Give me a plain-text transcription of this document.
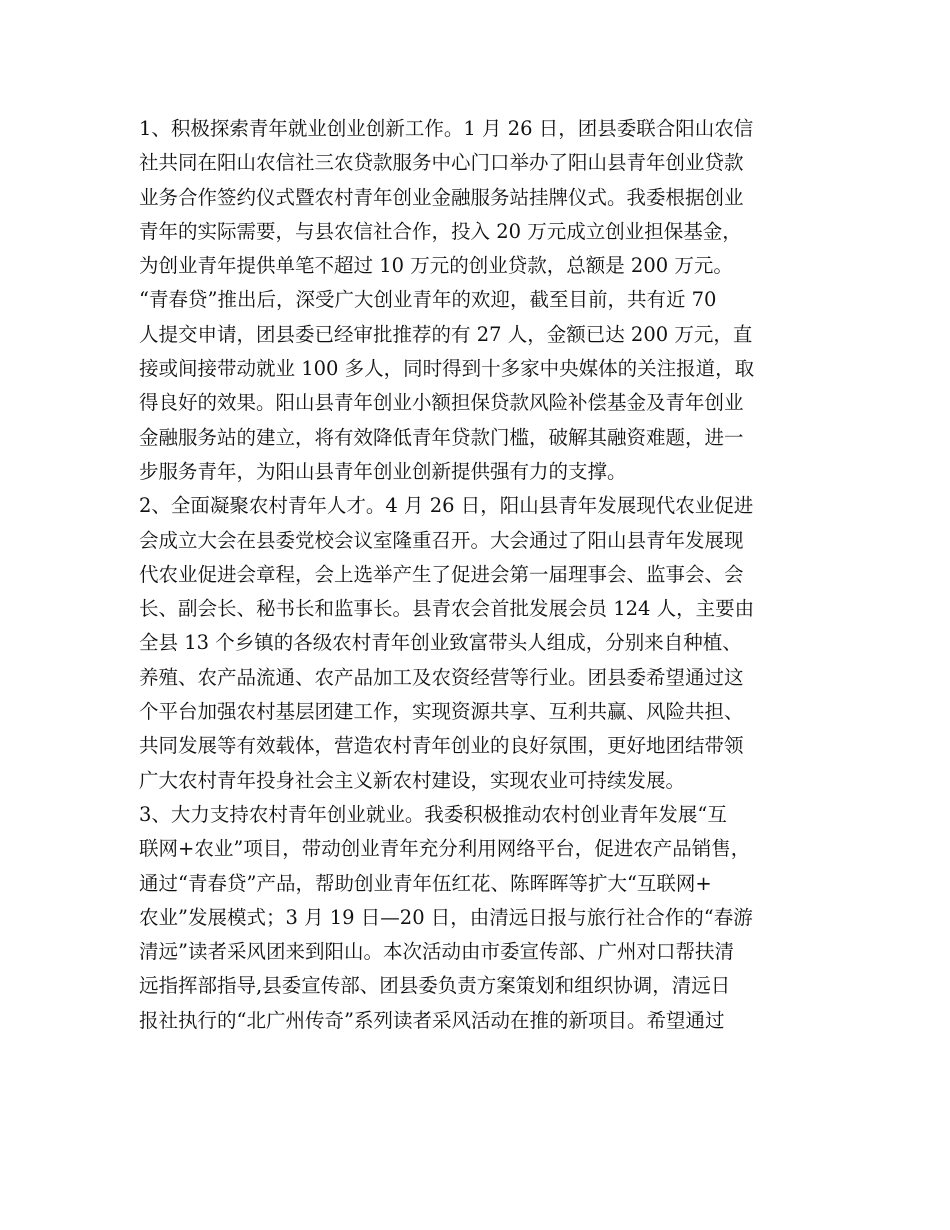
1、积极探索青年就业创业创新工作。1 月 26 日，团县委联合阳山农信
社共同在阳山农信社三农贷款服务中心门口举办了阳山县青年创业贷款
业务合作签约仪式暨农村青年创业金融服务站挂牌仪式。我委根据创业
青年的实际需要，与县农信社合作，投入 20 万元成立创业担保基金，
为创业青年提供单笔不超过 10 万元的创业贷款，总额是 200 万元。
“青春贷”推出后，深受广大创业青年的欢迎，截至目前，共有近 70
人提交申请，团县委已经审批推荐的有 27 人，金额已达 200 万元，直
接或间接带动就业 100 多人，同时得到十多家中央媒体的关注报道，取
得良好的效果。阳山县青年创业小额担保贷款风险补偿基金及青年创业
金融服务站的建立，将有效降低青年贷款门槛，破解其融资难题，进一
步服务青年，为阳山县青年创业创新提供强有力的支撑。
2、全面凝聚农村青年人才。4 月 26 日，阳山县青年发展现代农业促进
会成立大会在县委党校会议室隆重召开。大会通过了阳山县青年发展现
代农业促进会章程，会上选举产生了促进会第一届理事会、监事会、会
长、副会长、秘书长和监事长。县青农会首批发展会员 124 人，主要由
全县 13 个乡镇的各级农村青年创业致富带头人组成，分别来自种植、
养殖、农产品流通、农产品加工及农资经营等行业。团县委希望通过这
个平台加强农村基层团建工作，实现资源共享、互利共赢、风险共担、
共同发展等有效载体，营造农村青年创业的良好氛围，更好地团结带领
广大农村青年投身社会主义新农村建设，实现农业可持续发展。
3、大力支持农村青年创业就业。我委积极推动农村创业青年发展“互
联网+农业”项目，带动创业青年充分利用网络平台，促进农产品销售，
通过“青春贷”产品，帮助创业青年伍红花、陈晖晖等扩大“互联网+
农业”发展模式；3 月 19 日—20 日，由清远日报与旅行社合作的“春游
清远”读者采风团来到阳山。本次活动由市委宣传部、广州对口帮扶清
远指挥部指导,县委宣传部、团县委负责方案策划和组织协调，清远日
报社执行的“北广州传奇”系列读者采风活动在推的新项目。希望通过
